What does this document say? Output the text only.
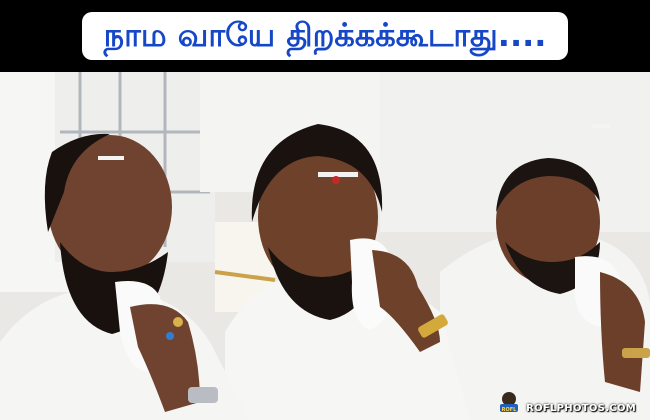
நாம வாயே திறக்கக்கூடாது....
ROFL ROFLPHOTOS.COM
